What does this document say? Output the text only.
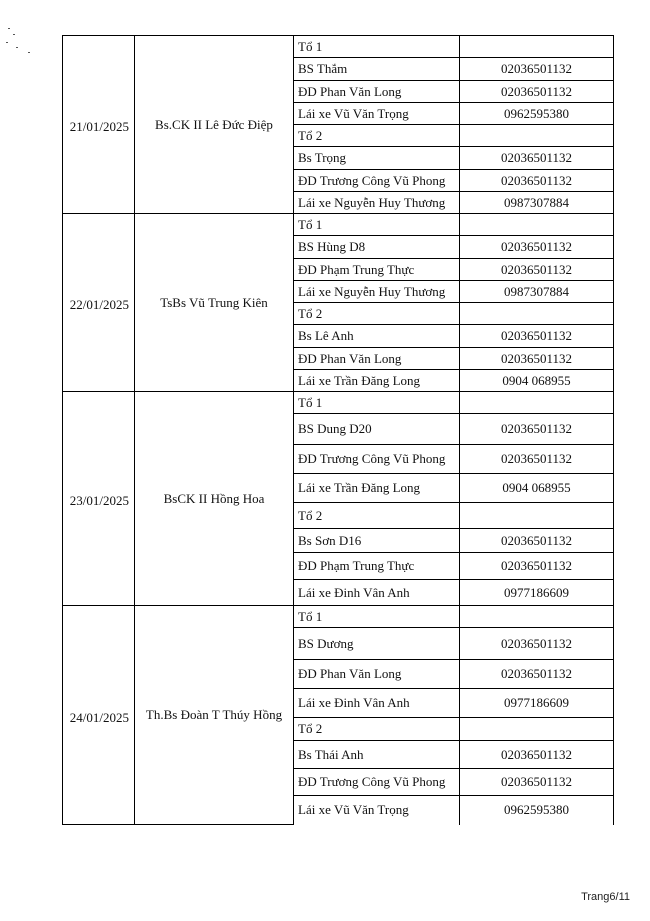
21/01/2025	Bs.CK II Lê Đức Điệp	Tổ 1	
		BS Thắm	02036501132
		ĐD Phan Văn Long	02036501132
		Lái xe Vũ Văn Trọng	0962595380
		Tổ 2	
		Bs Trọng	02036501132
		ĐD Trương Công Vũ Phong	02036501132
		Lái xe Nguyễn Huy Thương	0987307884
22/01/2025	TsBs Vũ Trung Kiên	Tổ 1	
		BS Hùng D8	02036501132
		ĐD Phạm Trung Thực	02036501132
		Lái xe Nguyễn Huy Thương	0987307884
		Tổ 2	
		Bs Lê Anh	02036501132
		ĐD Phan Văn Long	02036501132
		Lái xe Trần Đăng Long	0904 068955
23/01/2025	BsCK II Hồng Hoa	Tổ 1	
		BS Dung D20	02036501132
		ĐD Trương Công Vũ Phong	02036501132
		Lái xe Trần Đăng Long	0904 068955
		Tổ 2	
		Bs Sơn D16	02036501132
		ĐD Phạm Trung Thực	02036501132
		Lái xe Đinh Vân Anh	0977186609
24/01/2025	Th.Bs Đoàn T Thúy Hồng	Tổ 1	
		BS Dương	02036501132
		ĐD Phan Văn Long	02036501132
		Lái xe Đinh Vân Anh	0977186609
		Tổ 2	
		Bs Thái Anh	02036501132
		ĐD Trương Công Vũ Phong	02036501132
		Lái xe Vũ Văn Trọng	0962595380
Trang6/11
